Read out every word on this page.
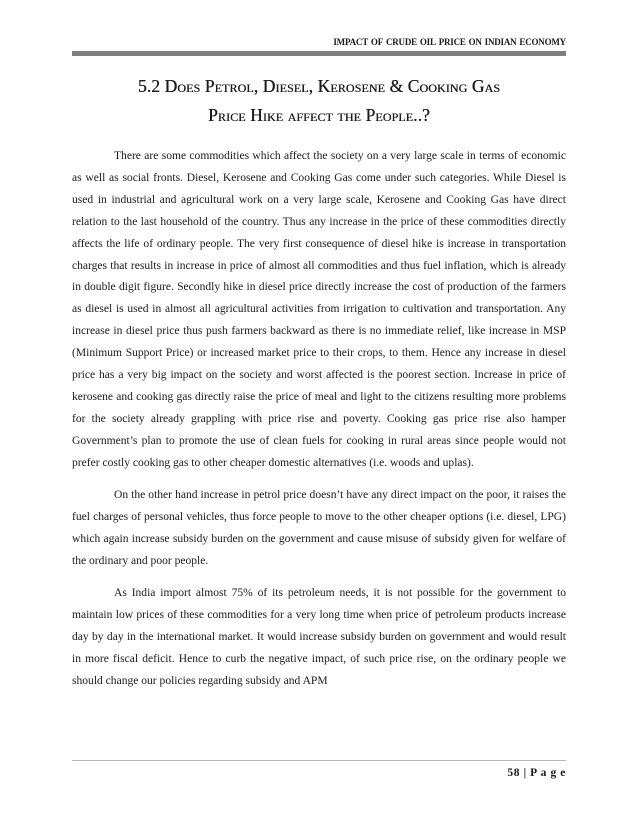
impact of crude oil price on indian economy
5.2 Does Petrol, Diesel, Kerosene & Cooking Gas
Price Hike affect the People..?

There are some commodities which affect the society on a very large scale in terms of economic as well as social fronts. Diesel, Kerosene and Cooking Gas come under such categories. While Diesel is used in industrial and agricultural work on a very large scale, Kerosene and Cooking Gas have direct relation to the last household of the country. Thus any increase in the price of these commodities directly affects the life of ordinary people. The very first consequence of diesel hike is increase in transportation charges that results in increase in price of almost all commodities and thus fuel inflation, which is already in double digit figure. Secondly hike in diesel price directly increase the cost of production of the farmers as diesel is used in almost all agricultural activities from irrigation to cultivation and transportation. Any increase in diesel price thus push farmers backward as there is no immediate relief, like increase in MSP (Minimum Support Price) or increased market price to their crops, to them. Hence any increase in diesel price has a very big impact on the society and worst affected is the poorest section. Increase in price of kerosene and cooking gas directly raise the price of meal and light to the citizens resulting more problems for the society already grappling with price rise and poverty. Cooking gas price rise also hamper Government’s plan to promote the use of clean fuels for cooking in rural areas since people would not prefer costly cooking gas to other cheaper domestic alternatives (i.e. woods and uplas).

On the other hand increase in petrol price doesn’t have any direct impact on the poor, it raises the fuel charges of personal vehicles, thus force people to move to the other cheaper options (i.e. diesel, LPG) which again increase subsidy burden on the government and cause misuse of subsidy given for welfare of the ordinary and poor people.

As India import almost 75% of its petroleum needs, it is not possible for the government to maintain low prices of these commodities for a very long time when price of petroleum products increase day by day in the international market. It would increase subsidy burden on government and would result in more fiscal deficit. Hence to curb the negative impact, of such price rise, on the ordinary people we should change our policies regarding subsidy and APM

58 | P a g e
